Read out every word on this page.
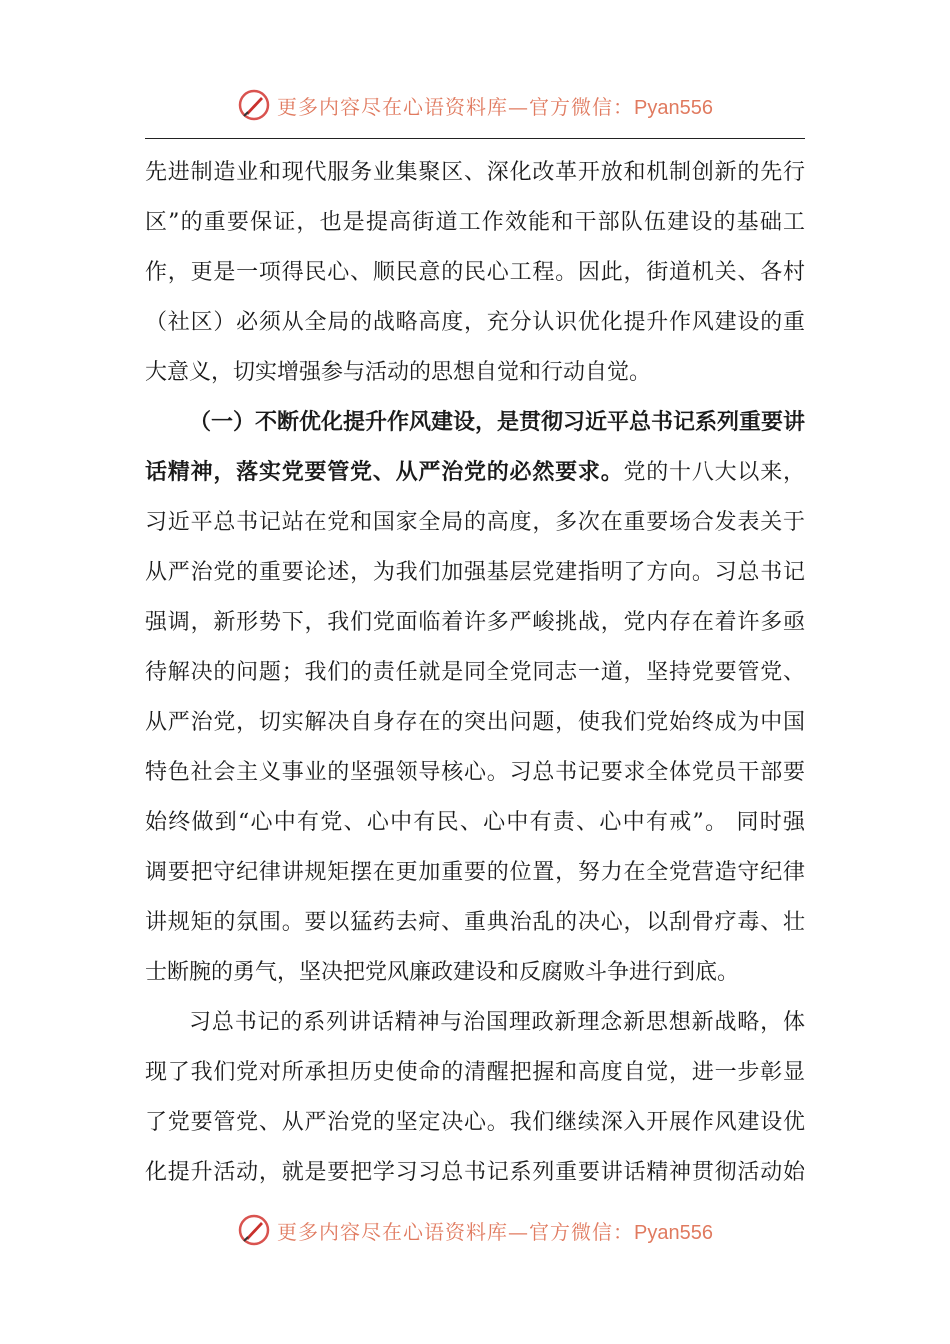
更多内容尽在心语资料库—官方微信：Pyan556
先进制造业和现代服务业集聚区、深化改革开放和机制创新的先行
区”的重要保证，也是提高街道工作效能和干部队伍建设的基础工
作，更是一项得民心、顺民意的民心工程。因此，街道机关、各村
（社区）必须从全局的战略高度，充分认识优化提升作风建设的重
大意义，切实增强参与活动的思想自觉和行动自觉。
（一）不断优化提升作风建设，是贯彻习近平总书记系列重要讲
话精神，落实党要管党、从严治党的必然要求。党的十八大以来，
习近平总书记站在党和国家全局的高度，多次在重要场合发表关于
从严治党的重要论述，为我们加强基层党建指明了方向。习总书记
强调，新形势下，我们党面临着许多严峻挑战，党内存在着许多亟
待解决的问题；我们的责任就是同全党同志一道，坚持党要管党、
从严治党，切实解决自身存在的突出问题，使我们党始终成为中国
特色社会主义事业的坚强领导核心。习总书记要求全体党员干部要
始终做到“心中有党、心中有民、心中有责、心中有戒”。 同时强
调要把守纪律讲规矩摆在更加重要的位置，努力在全党营造守纪律
讲规矩的氛围。要以猛药去疴、重典治乱的决心，以刮骨疗毒、壮
士断腕的勇气，坚决把党风廉政建设和反腐败斗争进行到底。
习总书记的系列讲话精神与治国理政新理念新思想新战略，体
现了我们党对所承担历史使命的清醒把握和高度自觉，进一步彰显
了党要管党、从严治党的坚定决心。我们继续深入开展作风建设优
化提升活动，就是要把学习习总书记系列重要讲话精神贯彻活动始
更多内容尽在心语资料库—官方微信：Pyan556
